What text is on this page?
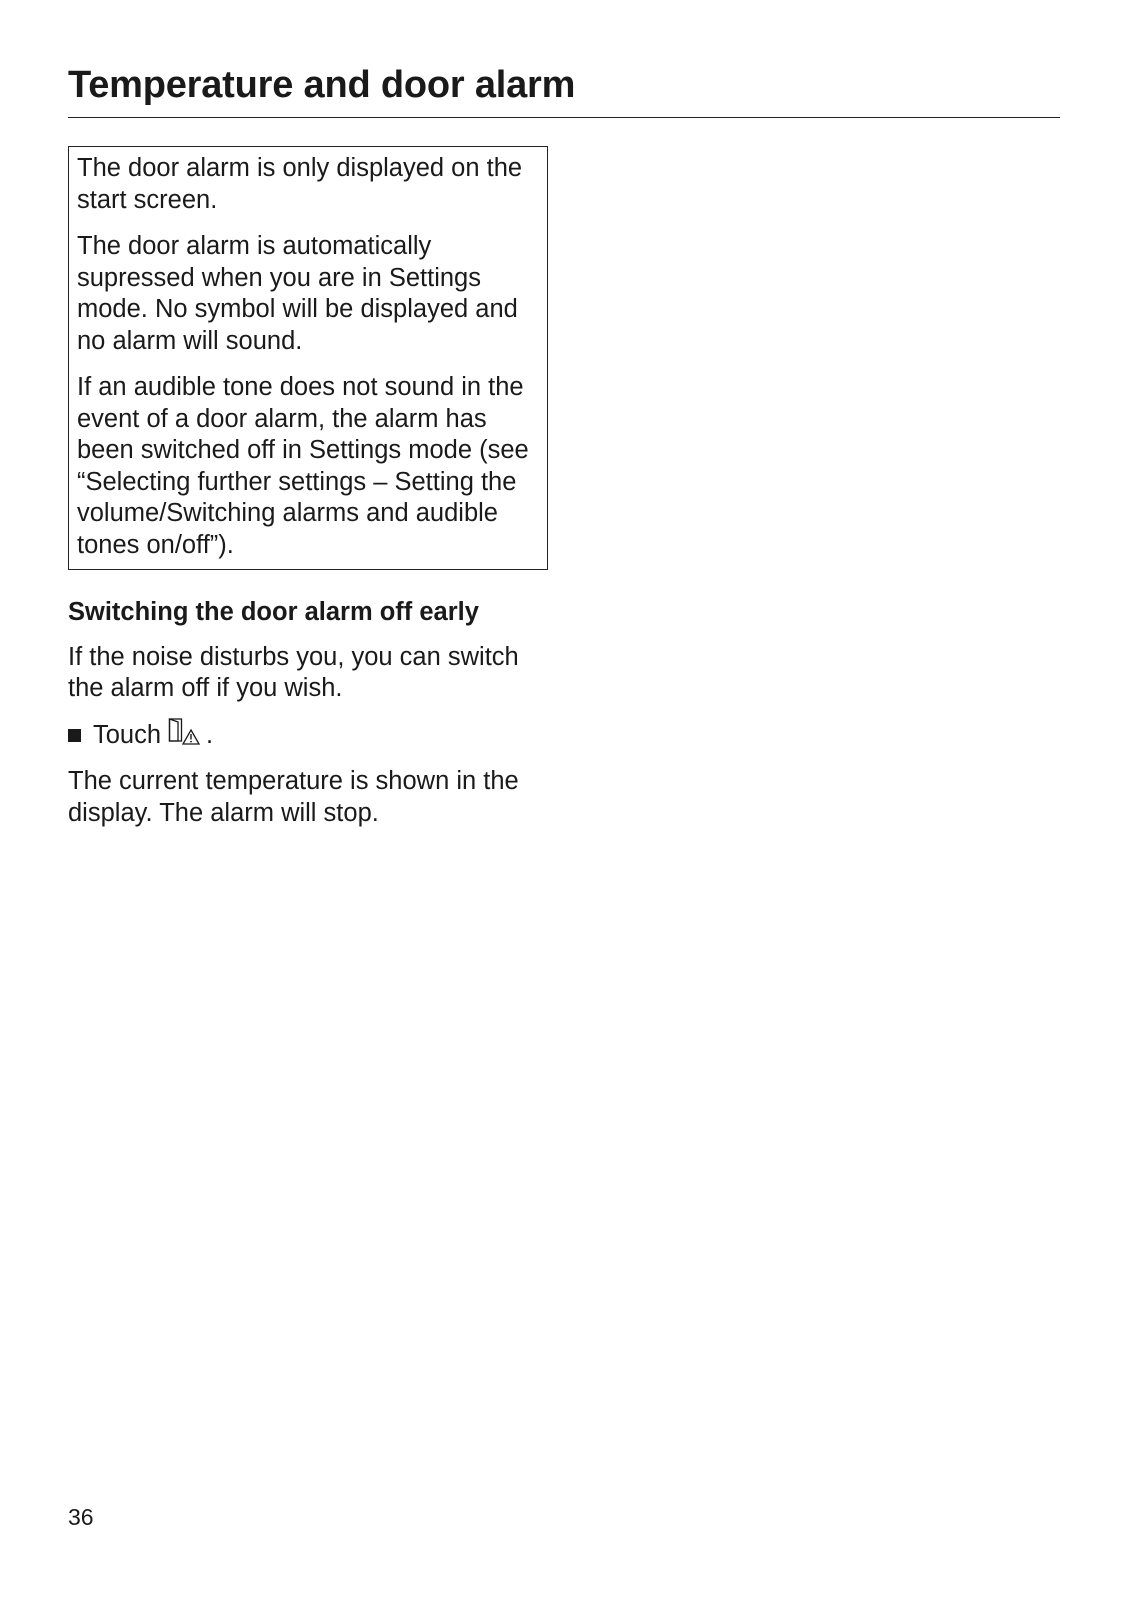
Temperature and door alarm

The door alarm is only displayed on the start screen.

The door alarm is automatically supressed when you are in Settings mode. No symbol will be displayed and no alarm will sound.

If an audible tone does not sound in the event of a door alarm, the alarm has been switched off in Settings mode (see “Selecting further settings – Setting the volume/Switching alarms and audible tones on/off”).

Switching the door alarm off early

If the noise disturbs you, you can switch the alarm off if you wish.

Touch .

The current temperature is shown in the display. The alarm will stop.

36
